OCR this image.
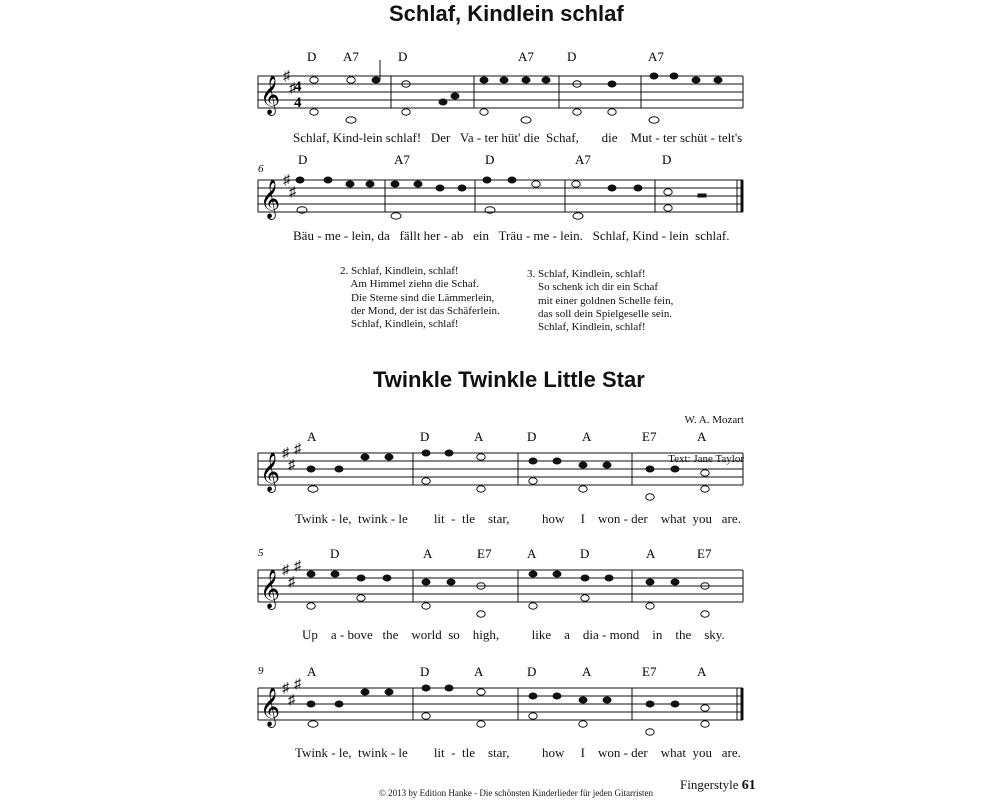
Schlaf, Kindlein schlaf
D A7	D	A7	D	A7
𝄞
♯
♯
4
4
Schlaf, Kind-lein schlaf!   Der   Va - ter hüt' die  Schaf,       die    Mut - ter schüt - telt's
6
D	A7	D	A7	D
𝄞
♯
♯
Bäu - me - lein, da   fällt her - ab   ein   Träu - me - lein.   Schlaf, Kind - lein  schlaf.
2. Schlaf, Kindlein, schlaf!
Am Himmel ziehn die Schaf.
Die Sterne sind die Lämmerlein,
der Mond, der ist das Schäferlein.
Schlaf, Kindlein, schlaf!
3. Schlaf, Kindlein, schlaf!
So schenk ich dir ein Schaf
mit einer goldnen Schelle fein,
das soll dein Spielgeselle sein.
Schlaf, Kindlein, schlaf!
Twinkle Twinkle Little Star

W. A. Mozart

Text: Jane Taylor

A	D	A	D	A	E7	A
𝄞
♯
♯
♯
Twink - le,  twink - le        lit  -  tle    star,          how     I    won - der    what  you   are.
5	D	A	E7	A	D	A	E7
𝄞
♯
♯
♯
Up    a - bove   the    world  so    high,          like    a    dia - mond    in    the    sky.
9	A	D	A	D	A	E7	A
𝄞
♯
♯
♯
Twink - le,  twink - le        lit  -  tle    star,          how     I    won - der    what  you   are.
© 2013 by Edition Hanke - Die schönsten Kinderlieder für jeden Gitarristen
Fingerstyle 61
